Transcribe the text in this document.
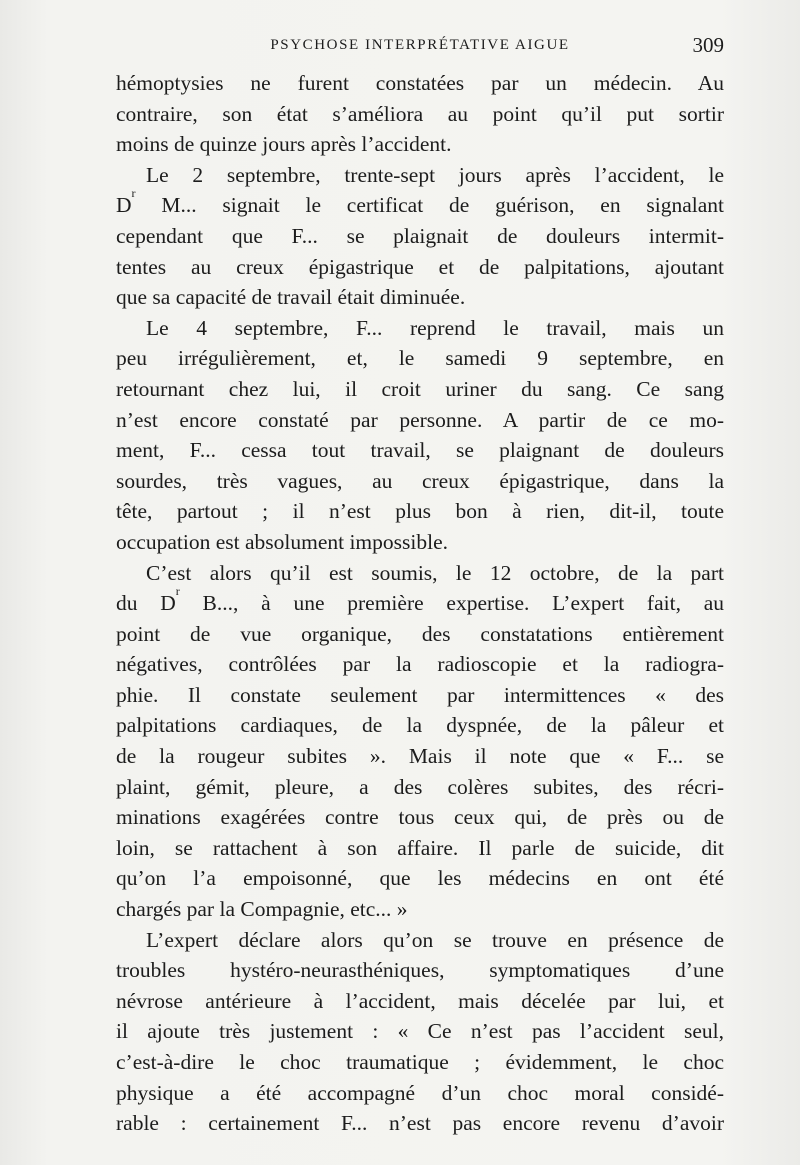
PSYCHOSE INTERPRÉTATIVE AIGUE	309
hémoptysies ne furent constatées par un médecin. Au
contraire, son état s’améliora au point qu’il put sortir
moins de quinze jours après l’accident.
Le 2 septembre, trente-sept jours après l’accident, le
$D^r$ M... signait le certificat de guérison, en signalant
cependant que F... se plaignait de douleurs intermit-
tentes au creux épigastrique et de palpitations, ajoutant
que sa capacité de travail était diminuée.
Le 4 septembre, F... reprend le travail, mais un
peu irrégulièrement, et, le samedi 9 septembre, en
retournant chez lui, il croit uriner du sang. Ce sang
n’est encore constaté par personne. A partir de ce mo-
ment, F... cessa tout travail, se plaignant de douleurs
sourdes, très vagues, au creux épigastrique, dans la
tête, partout ; il n’est plus bon à rien, dit-il, toute
occupation est absolument impossible.
C’est alors qu’il est soumis, le 12 octobre, de la part
du $D^r$ B..., à une première expertise. L’expert fait, au
point de vue organique, des constatations entièrement
négatives, contrôlées par la radioscopie et la radiogra-
phie. Il constate seulement par intermittences « des
palpitations cardiaques, de la dyspnée, de la pâleur et
de la rougeur subites ». Mais il note que « F... se
plaint, gémit, pleure, a des colères subites, des récri-
minations exagérées contre tous ceux qui, de près ou de
loin, se rattachent à son affaire. Il parle de suicide, dit
qu’on l’a empoisonné, que les médecins en ont été
chargés par la Compagnie, etc... »
L’expert déclare alors qu’on se trouve en présence de
troubles hystéro-neurasthéniques, symptomatiques d’une
névrose antérieure à l’accident, mais décelée par lui, et
il ajoute très justement : « Ce n’est pas l’accident seul,
c’est-à-dire le choc traumatique ; évidemment, le choc
physique a été accompagné d’un choc moral considé-
rable : certainement F... n’est pas encore revenu d’avoir
